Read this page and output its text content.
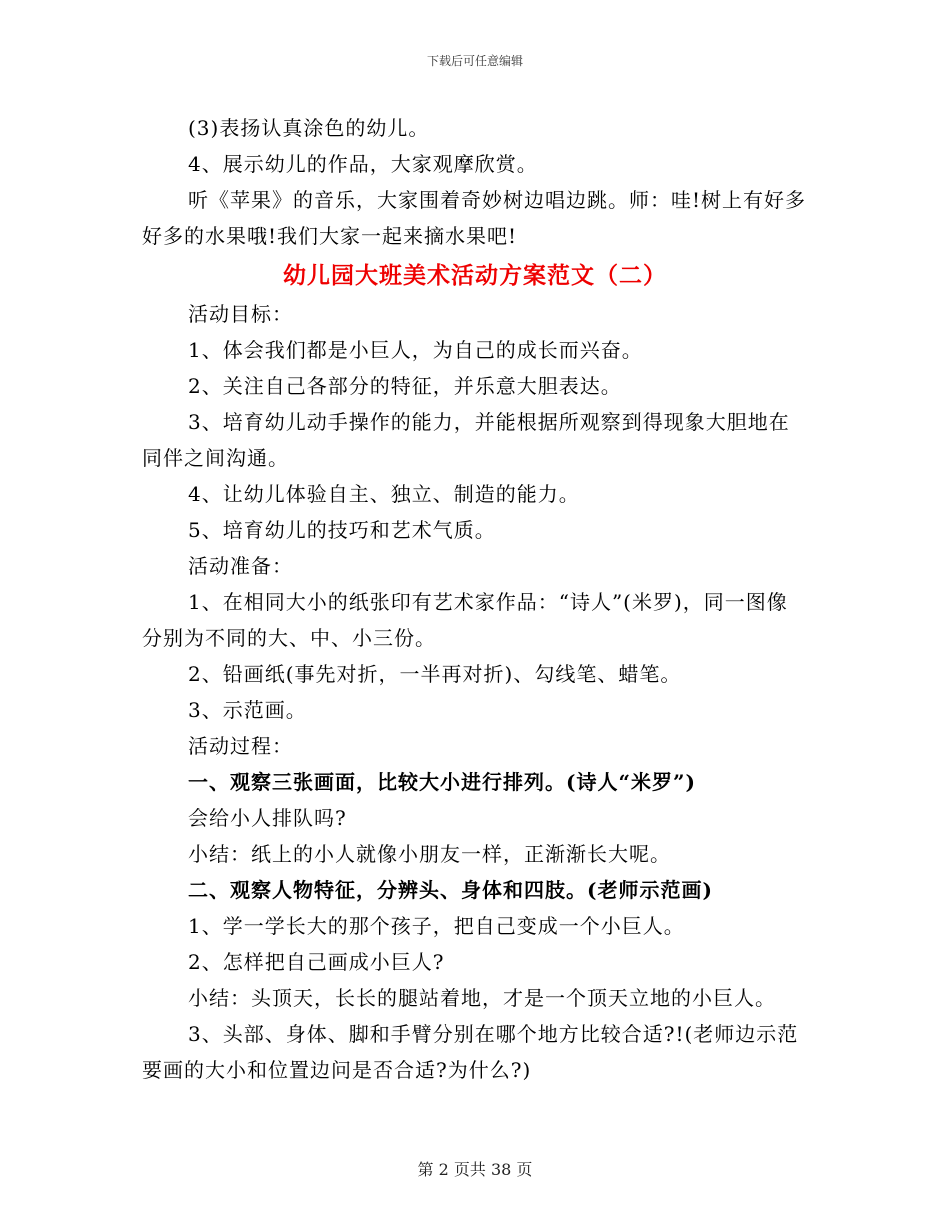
下载后可任意编辑

(3)表扬认真涂色的幼儿。

4、展示幼儿的作品，大家观摩欣赏。

听《苹果》的音乐，大家围着奇妙树边唱边跳。师：哇!树上有好多好多的水果哦!我们大家一起来摘水果吧!

幼儿园大班美术活动方案范文（二）

活动目标：

1、体会我们都是小巨人，为自己的成长而兴奋。

2、关注自己各部分的特征，并乐意大胆表达。

3、培育幼儿动手操作的能力，并能根据所观察到得现象大胆地在同伴之间沟通。

4、让幼儿体验自主、独立、制造的能力。

5、培育幼儿的技巧和艺术气质。

活动准备：

1、在相同大小的纸张印有艺术家作品：“诗人”(米罗)，同一图像分别为不同的大、中、小三份。

2、铅画纸(事先对折，一半再对折)、勾线笔、蜡笔。

3、示范画。

活动过程：

一、观察三张画面，比较大小进行排列。(诗人“米罗”)

会给小人排队吗?

小结：纸上的小人就像小朋友一样，正渐渐长大呢。

二、观察人物特征，分辨头、身体和四肢。(老师示范画)

1、学一学长大的那个孩子，把自己变成一个小巨人。

2、怎样把自己画成小巨人?

小结：头顶天，长长的腿站着地，才是一个顶天立地的小巨人。

3、头部、身体、脚和手臂分别在哪个地方比较合适?!(老师边示范要画的大小和位置边问是否合适?为什么?)

第 2 页共 38 页
